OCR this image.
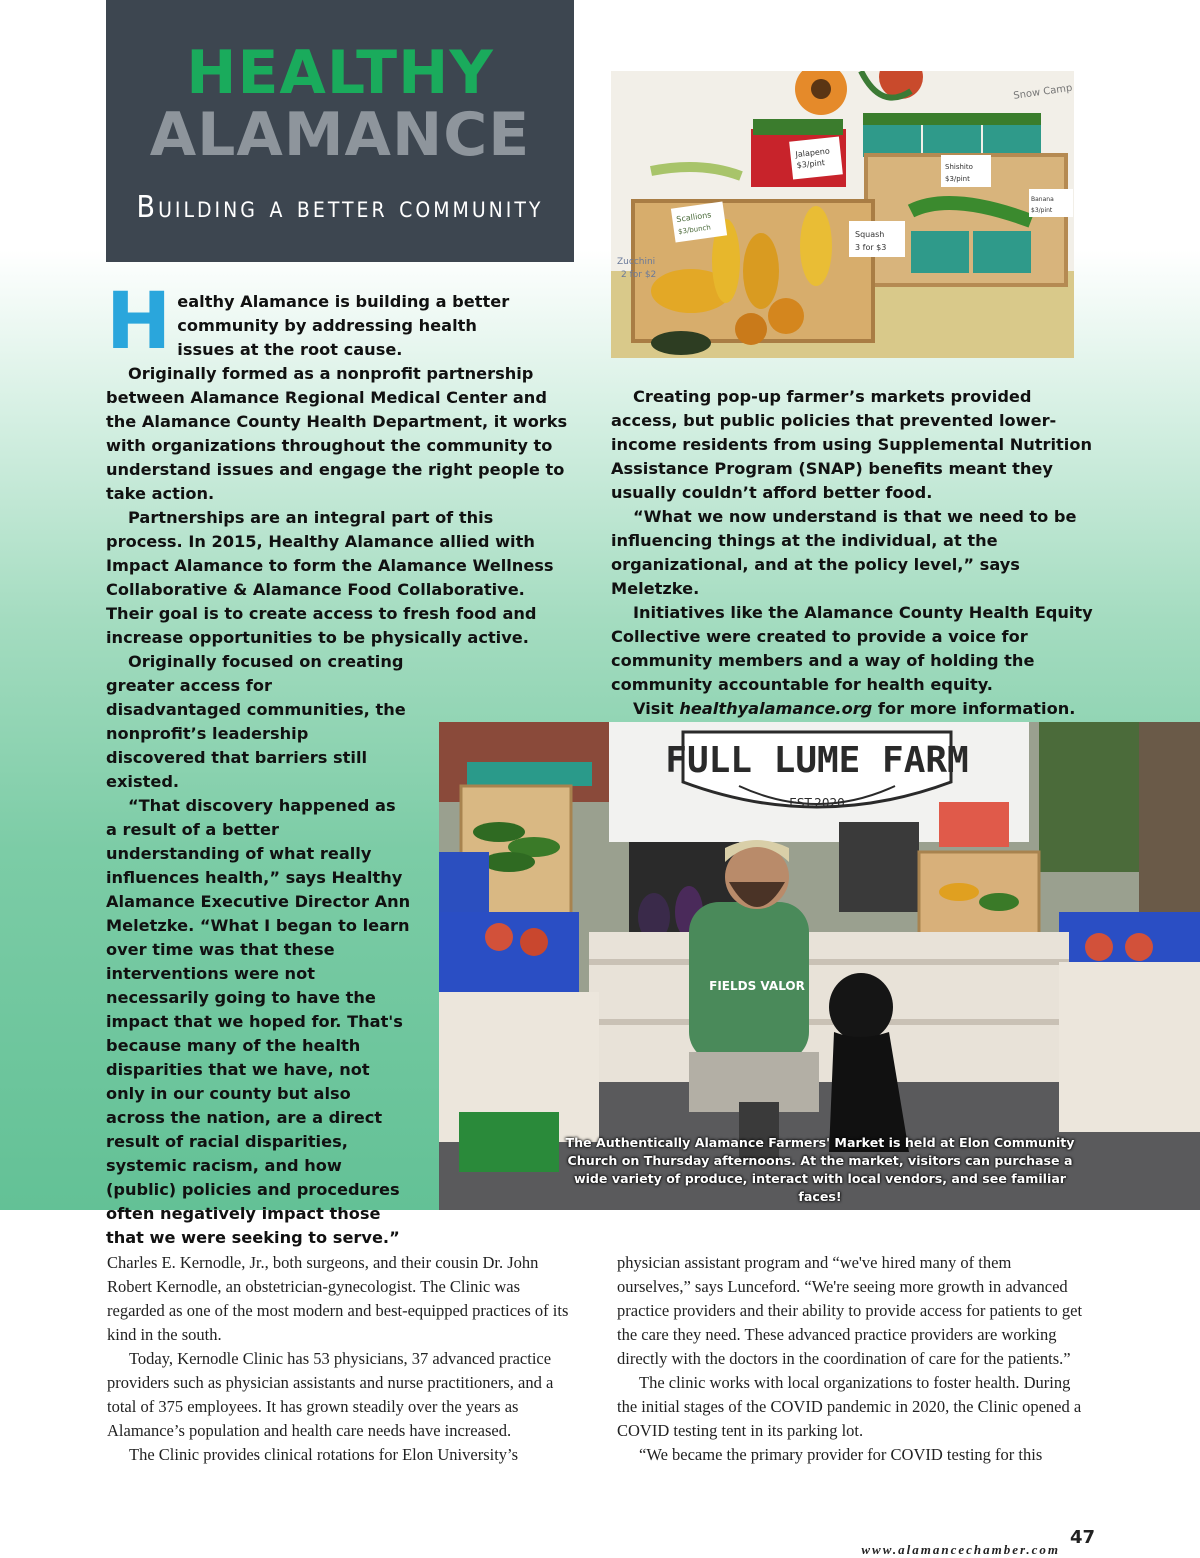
HEALTHY
ALAMANCE
Building a better community
Jalapeno
$3/pint	Shishito
$3/pint
Banana
$3/pint
Scallions
$3/bunch	Squash
3 for $3
Zucchini
2 for $2
Snow Camp

H ealthy Alamance is building a better community by addressing health issues at the root cause.

Originally formed as a nonprofit partnership between Alamance Regional Medical Center and the Alamance County Health Department, it works with organizations throughout the community to understand issues and engage the right people to take action.

Partnerships are an integral part of this process. In 2015, Healthy Alamance allied with Impact Alamance to form the Alamance Wellness Collaborative & Alamance Food Collaborative. Their goal is to create access to fresh food and increase opportunities to be physically active.

Originally focused on creating greater access for disadvantaged communities, the nonprofit’s leadership discovered that barriers still existed.

“That discovery happened as a result of a better understanding of what really influences health,” says Healthy Alamance Executive Director Ann Meletzke. “What I began to learn over time was that these interventions were not necessarily going to have the impact that we hoped for. That's because many of the health disparities that we have, not only in our county but also across the nation, are a direct result of racial disparities, systemic racism, and how (public) policies and procedures often negatively impact those that we were seeking to serve.”

Creating pop-up farmer’s markets provided access, but public policies that prevented lower-income residents from using Supplemental Nutrition Assistance Program (SNAP) benefits meant they usually couldn’t afford better food.

“What we now understand is that we need to be influencing things at the individual, at the organizational, and at the policy level,” says Meletzke.

Initiatives like the Alamance County Health Equity Collective were created to provide a voice for community members and a way of holding the community accountable for health equity.

Visit healthyalamance.org for more information.

FULL LUME FARM
EST.2020
FIELDS VALOR
The Authentically Alamance Farmers' Market is held at Elon Community Church on Thursday afternoons. At the market, visitors can purchase a wide variety of produce, interact with local vendors, and see familiar faces!

Charles E. Kernodle, Jr., both surgeons, and their cousin Dr. John Robert Kernodle, an obstetrician-gynecologist. The Clinic was regarded as one of the most modern and best-equipped practices of its kind in the south.

Today, Kernodle Clinic has 53 physicians, 37 advanced practice providers such as physician assistants and nurse practitioners, and a total of 375 employees. It has grown steadily over the years as Alamance’s population and health care needs have increased.

The Clinic provides clinical rotations for Elon University’s

physician assistant program and “we've hired many of them ourselves,” says Lunceford. “We're seeing more growth in advanced practice providers and their ability to provide access for patients to get the care they need. These advanced practice providers are working directly with the doctors in the coordination of care for the patients.”

The clinic works with local organizations to foster health. During the initial stages of the COVID pandemic in 2020, the Clinic opened a COVID testing tent in its parking lot.

“We became the primary provider for COVID testing for this

www.alamancechamber.com
47
